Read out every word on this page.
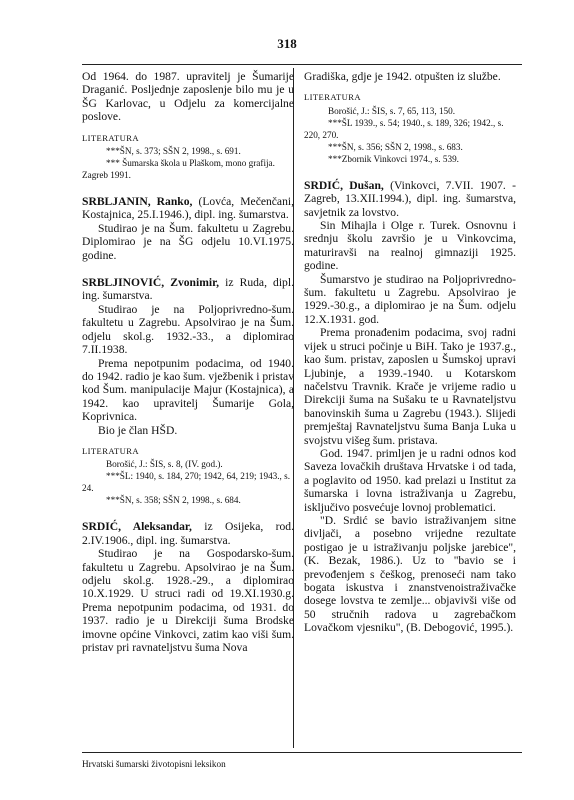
318

Od 1964. do 1987. upravitelj je Šumarije Draganić. Posljednje zaposlenje bilo mu je u ŠG Karlovac, u Odjelu za komercijalne poslove.

LITERATURA

***ŠN, s. 373; SŠN 2, 1998., s. 691.

*** Šumarska škola u Plaškom, mono grafija. Zagreb 1991.

SRBLJANIN, Ranko, (Lovća, Mečenčani, Kostajnica, 25.I.1946.), dipl. ing. šumarstva.

Studirao je na Šum. fakultetu u Zagrebu. Diplomirao je na ŠG odjelu 10.VI.1975. godine.

SRBLJINOVIĆ, Zvonimir, iz Ruda, dipl. ing. šumarstva.

Studirao je na Poljoprivredno-šum. fakultetu u Zagrebu. Apsolvirao je na Šum. odjelu skol.g. 1932.-33., a diplomirao 7.II.1938.

Prema nepotpunim podacima, od 1940. do 1942. radio je kao šum. vježbenik i pristav kod Šum. manipulacije Majur (Kostajnica), a 1942. kao upravitelj Šumarije Gola, Koprivnica.

Bio je član HŠD.

LITERATURA

Borošić, J.: ŠIS, s. 8, (IV. god.).

***ŠL: 1940, s. 184, 270; 1942, 64, 219; 1943., s. 24.

***ŠN, s. 358; SŠN 2, 1998., s. 684.

SRDIĆ, Aleksandar, iz Osijeka, rod. 2.IV.1906., dipl. ing. šumarstva.

Studirao je na Gospodarsko-šum. fakultetu u Zagrebu. Apsolvirao je na Šum. odjelu skol.g. 1928.-29., a diplomirao 10.X.1929. U struci radi od 19.XI.1930.g. Prema nepotpunim podacima, od 1931. do 1937. radio je u Direkciji šuma Brodske imovne općine Vinkovci, zatim kao viši šum. pristav pri ravnateljstvu šuma Nova

Gradiška, gdje je 1942. otpušten iz službe.

LITERATURA

Borošić, J.: ŠIS, s. 7, 65, 113, 150.

***ŠL 1939., s. 54; 1940., s. 189, 326; 1942., s. 220, 270.

***ŠN, s. 356; SŠN 2, 1998., s. 683.

***Zbornik Vinkovci 1974., s. 539.

SRDIĆ, Dušan, (Vinkovci, 7.VII. 1907. - Zagreb, 13.XII.1994.), dipl. ing. šumarstva, savjetnik za lovstvo.

Sin Mihajla i Olge r. Turek. Osnovnu i srednju školu završio je u Vinkovcima, maturiravši na realnoj gimnaziji 1925. godine.

Šumarstvo je studirao na Poljoprivredno-šum. fakultetu u Zagrebu. Apsolvirao je 1929.-30.g., a diplomirao je na Šum. odjelu 12.X.1931. god.

Prema pronađenim podacima, svoj radni vijek u struci počinje u BiH. Tako je 1937.g., kao šum. pristav, zaposlen u Šumskoj upravi Ljubinje, a 1939.-1940. u Kotarskom načelstvu Travnik. Krače je vrijeme radio u Direkciji šuma na Sušaku te u Ravnateljstvu banovinskih šuma u Zagrebu (1943.). Slijedi premještaj Ravnateljstvu šuma Banja Luka u svojstvu višeg šum. pristava.

God. 1947. primljen je u radni odnos kod Saveza lovačkih društava Hrvatske i od tada, a poglavito od 1950. kad prelazi u Institut za šumarska i lovna istraživanja u Zagrebu, isključivo posvećuje lovnoj problematici.

"D. Srdić se bavio istraživanjem sitne divljači, a posebno vrijedne rezultate postigao je u istraživanju poljske jarebice", (K. Bezak, 1986.). Uz to "bavio se i prevođenjem s češkog, prenoseći nam tako bogata iskustva i znanstvenoistraživačke dosege lovstva te zemlje... objavivši više od 50 stručnih radova u zagrebačkom Lovačkom vjesniku", (B. Debogović, 1995.).

Hrvatski šumarski životopisni leksikon
